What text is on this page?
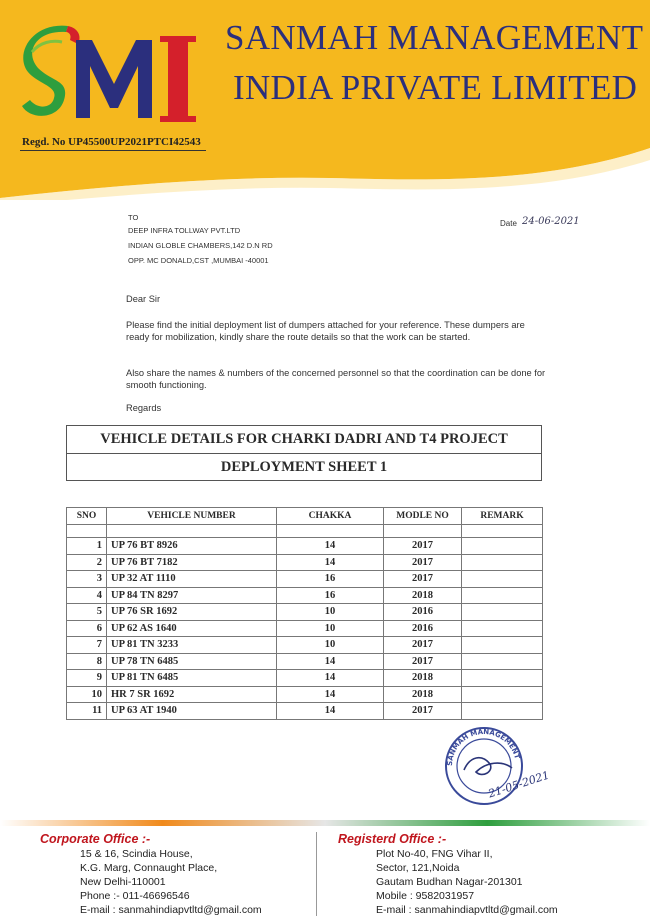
SANMAH MANAGEMENT
INDIA PRIVATE LIMITED
Regd. No UP45500UP2021PTCI42543
TO
DEEP INFRA TOLLWAY PVT.LTD
INDIAN GLOBLE CHAMBERS,142 D.N RD
OPP. MC DONALD,CST ,MUMBAI -40001
Date 24-06-2021
Dear Sir
Please find the initial deployment list of dumpers attached for your reference. These dumpers are ready for mobilization, kindly share the route details so that the work can be started.
Also share the names & numbers of the concerned personnel so that the coordination can be done for smooth functioning.
Regards
VEHICLE DETAILS FOR CHARKI DADRI AND T4 PROJECT
DEPLOYMENT SHEET 1
SNO	VEHICLE NUMBER	CHAKKA	MODLE NO	REMARK

1	UP 76 BT 8926	14	2017	
2	UP 76 BT 7182	14	2017	
3	UP 32 AT 1110	16	2017	
4	UP 84 TN 8297	16	2018	
5	UP 76 SR 1692	10	2016	
6	UP 62 AS 1640	10	2016	
7	UP 81 TN 3233	10	2017	
8	UP 78 TN 6485	14	2017	
9	UP 81 TN 6485	14	2018	
10	HR 7 SR 1692	14	2018	
11	UP 63 AT 1940	14	2017	
SANMAH MANAGEMENT
21-05-2021
Corporate Office :-
15 & 16, Scindia House,
K.G. Marg, Connaught Place,
New Delhi-110001
Phone :- 011-46696546
E-mail : sanmahindiapvtltd@gmail.com
Registerd Office :-
Plot No-40, FNG Vihar II,
Sector, 121,Noida
Gautam Budhan Nagar-201301
Mobile : 9582031957
E-mail : sanmahindiapvtltd@gmail.com
